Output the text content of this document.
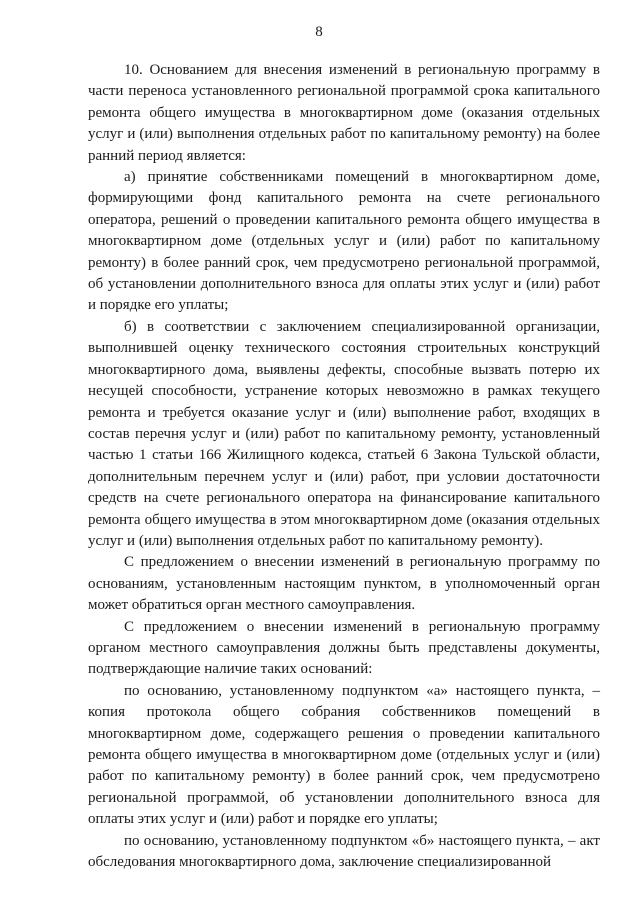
8

10. Основанием для внесения изменений в региональную программу в части переноса установленного региональной программой срока капитального ремонта общего имущества в многоквартирном доме (оказания отдельных услуг и (или) выполнения отдельных работ по капитальному ремонту) на более ранний период является:

а) принятие собственниками помещений в многоквартирном доме, формирующими фонд капитального ремонта на счете регионального оператора, решений о проведении капитального ремонта общего имущества в многоквартирном доме (отдельных услуг и (или) работ по капитальному ремонту) в более ранний срок, чем предусмотрено региональной программой, об установлении дополнительного взноса для оплаты этих услуг и (или) работ и порядке его уплаты;

б) в соответствии с заключением специализированной организации, выполнившей оценку технического состояния строительных конструкций многоквартирного дома, выявлены дефекты, способные вызвать потерю их несущей способности, устранение которых невозможно в рамках текущего ремонта и требуется оказание услуг и (или) выполнение работ, входящих в состав перечня услуг и (или) работ по капитальному ремонту, установленный частью 1 статьи 166 Жилищного кодекса, статьей 6 Закона Тульской области, дополнительным перечнем услуг и (или) работ, при условии достаточности средств на счете регионального оператора на финансирование капитального ремонта общего имущества в этом многоквартирном доме (оказания отдельных услуг и (или) выполнения отдельных работ по капитальному ремонту).

С предложением о внесении изменений в региональную программу по основаниям, установленным настоящим пунктом, в уполномоченный орган может обратиться орган местного самоуправления.

С предложением о внесении изменений в региональную программу органом местного самоуправления должны быть представлены документы, подтверждающие наличие таких оснований:

по основанию, установленному подпунктом «а» настоящего пункта, – копия протокола общего собрания собственников помещений в многоквартирном доме, содержащего решения о проведении капитального ремонта общего имущества в многоквартирном доме (отдельных услуг и (или) работ по капитальному ремонту) в более ранний срок, чем предусмотрено региональной программой, об установлении дополнительного взноса для оплаты этих услуг и (или) работ и порядке его уплаты;

по основанию, установленному подпунктом «б» настоящего пункта, – акт обследования многоквартирного дома, заключение специализированной
